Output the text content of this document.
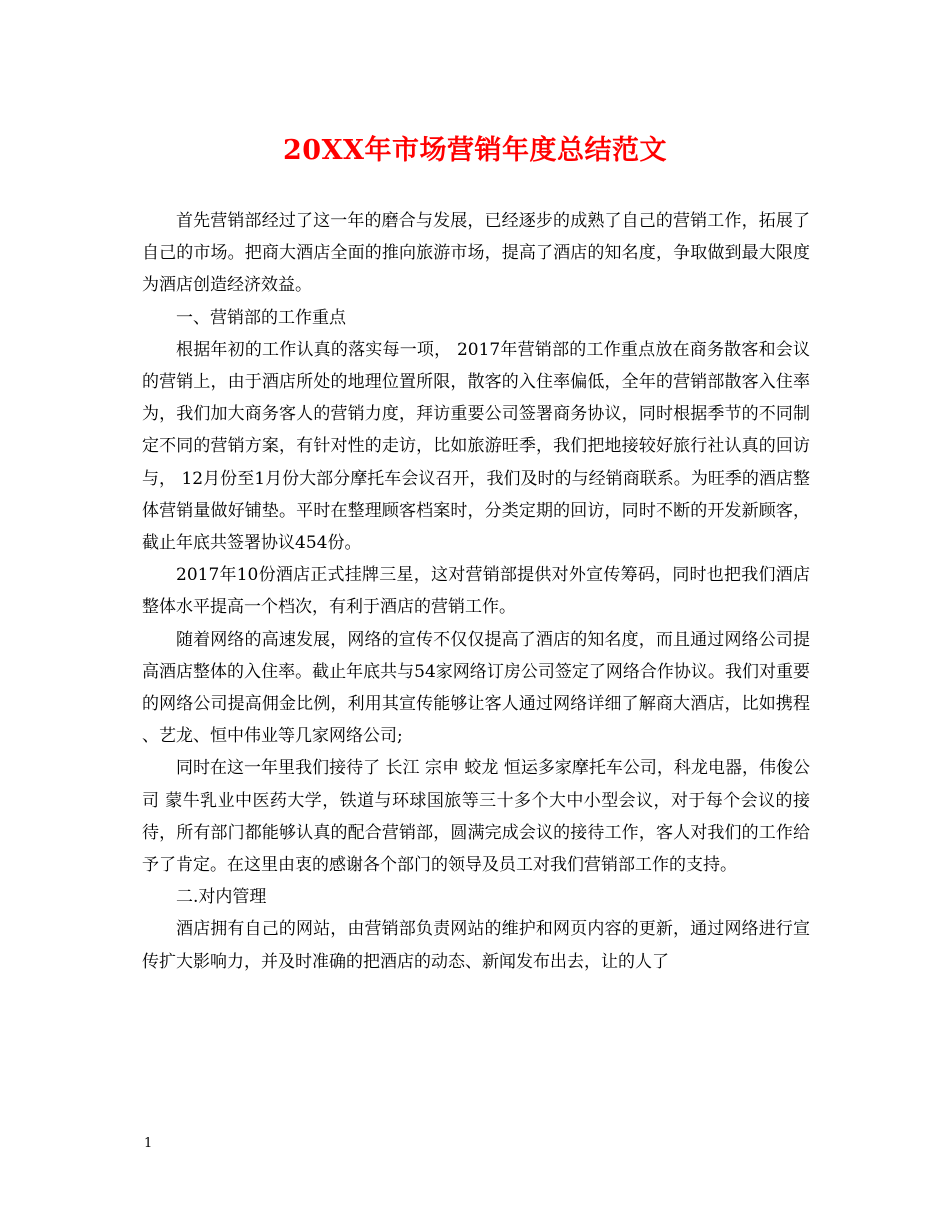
20XX年市场营销年度总结范文

首先营销部经过了这一年的磨合与发展，已经逐步的成熟了自己的营销工作，拓展了自己的市场。把商大酒店全面的推向旅游市场，提高了酒店的知名度，争取做到最大限度为酒店创造经济效益。

一、营销部的工作重点

根据年初的工作认真的落实每一项， 2017年营销部的工作重点放在商务散客和会议的营销上，由于酒店所处的地理位置所限，散客的入住率偏低，全年的营销部散客入住率为，我们加大商务客人的营销力度，拜访重要公司签署商务协议，同时根据季节的不同制定不同的营销方案，有针对性的走访，比如旅游旺季，我们把地接较好旅行社认真的回访与， 12月份至1月份大部分摩托车会议召开，我们及时的与经销商联系。为旺季的酒店整体营销量做好铺垫。平时在整理顾客档案时，分类定期的回访，同时不断的开发新顾客，截止年底共签署协议454份。

2017年10份酒店正式挂牌三星，这对营销部提供对外宣传筹码，同时也把我们酒店整体水平提高一个档次，有利于酒店的营销工作。

随着网络的高速发展，网络的宣传不仅仅提高了酒店的知名度，而且通过网络公司提高酒店整体的入住率。截止年底共与54家网络订房公司签定了网络合作协议。我们对重要的网络公司提高佣金比例，利用其宣传能够让客人通过网络详细了解商大酒店，比如携程 、艺龙、恒中伟业等几家网络公司;

同时在这一年里我们接待了 长江 宗申 蛟龙 恒运多家摩托车公司，科龙电器，伟俊公司 蒙牛乳业中医药大学，铁道与环球国旅等三十多个大中小型会议，对于每个会议的接待，所有部门都能够认真的配合营销部，圆满完成会议的接待工作，客人对我们的工作给予了肯定。在这里由衷的感谢各个部门的领导及员工对我们营销部工作的支持。

二.对内管理

酒店拥有自己的网站，由营销部负责网站的维护和网页内容的更新，通过网络进行宣传扩大影响力，并及时准确的把酒店的动态、新闻发布出去，让的人了

1
